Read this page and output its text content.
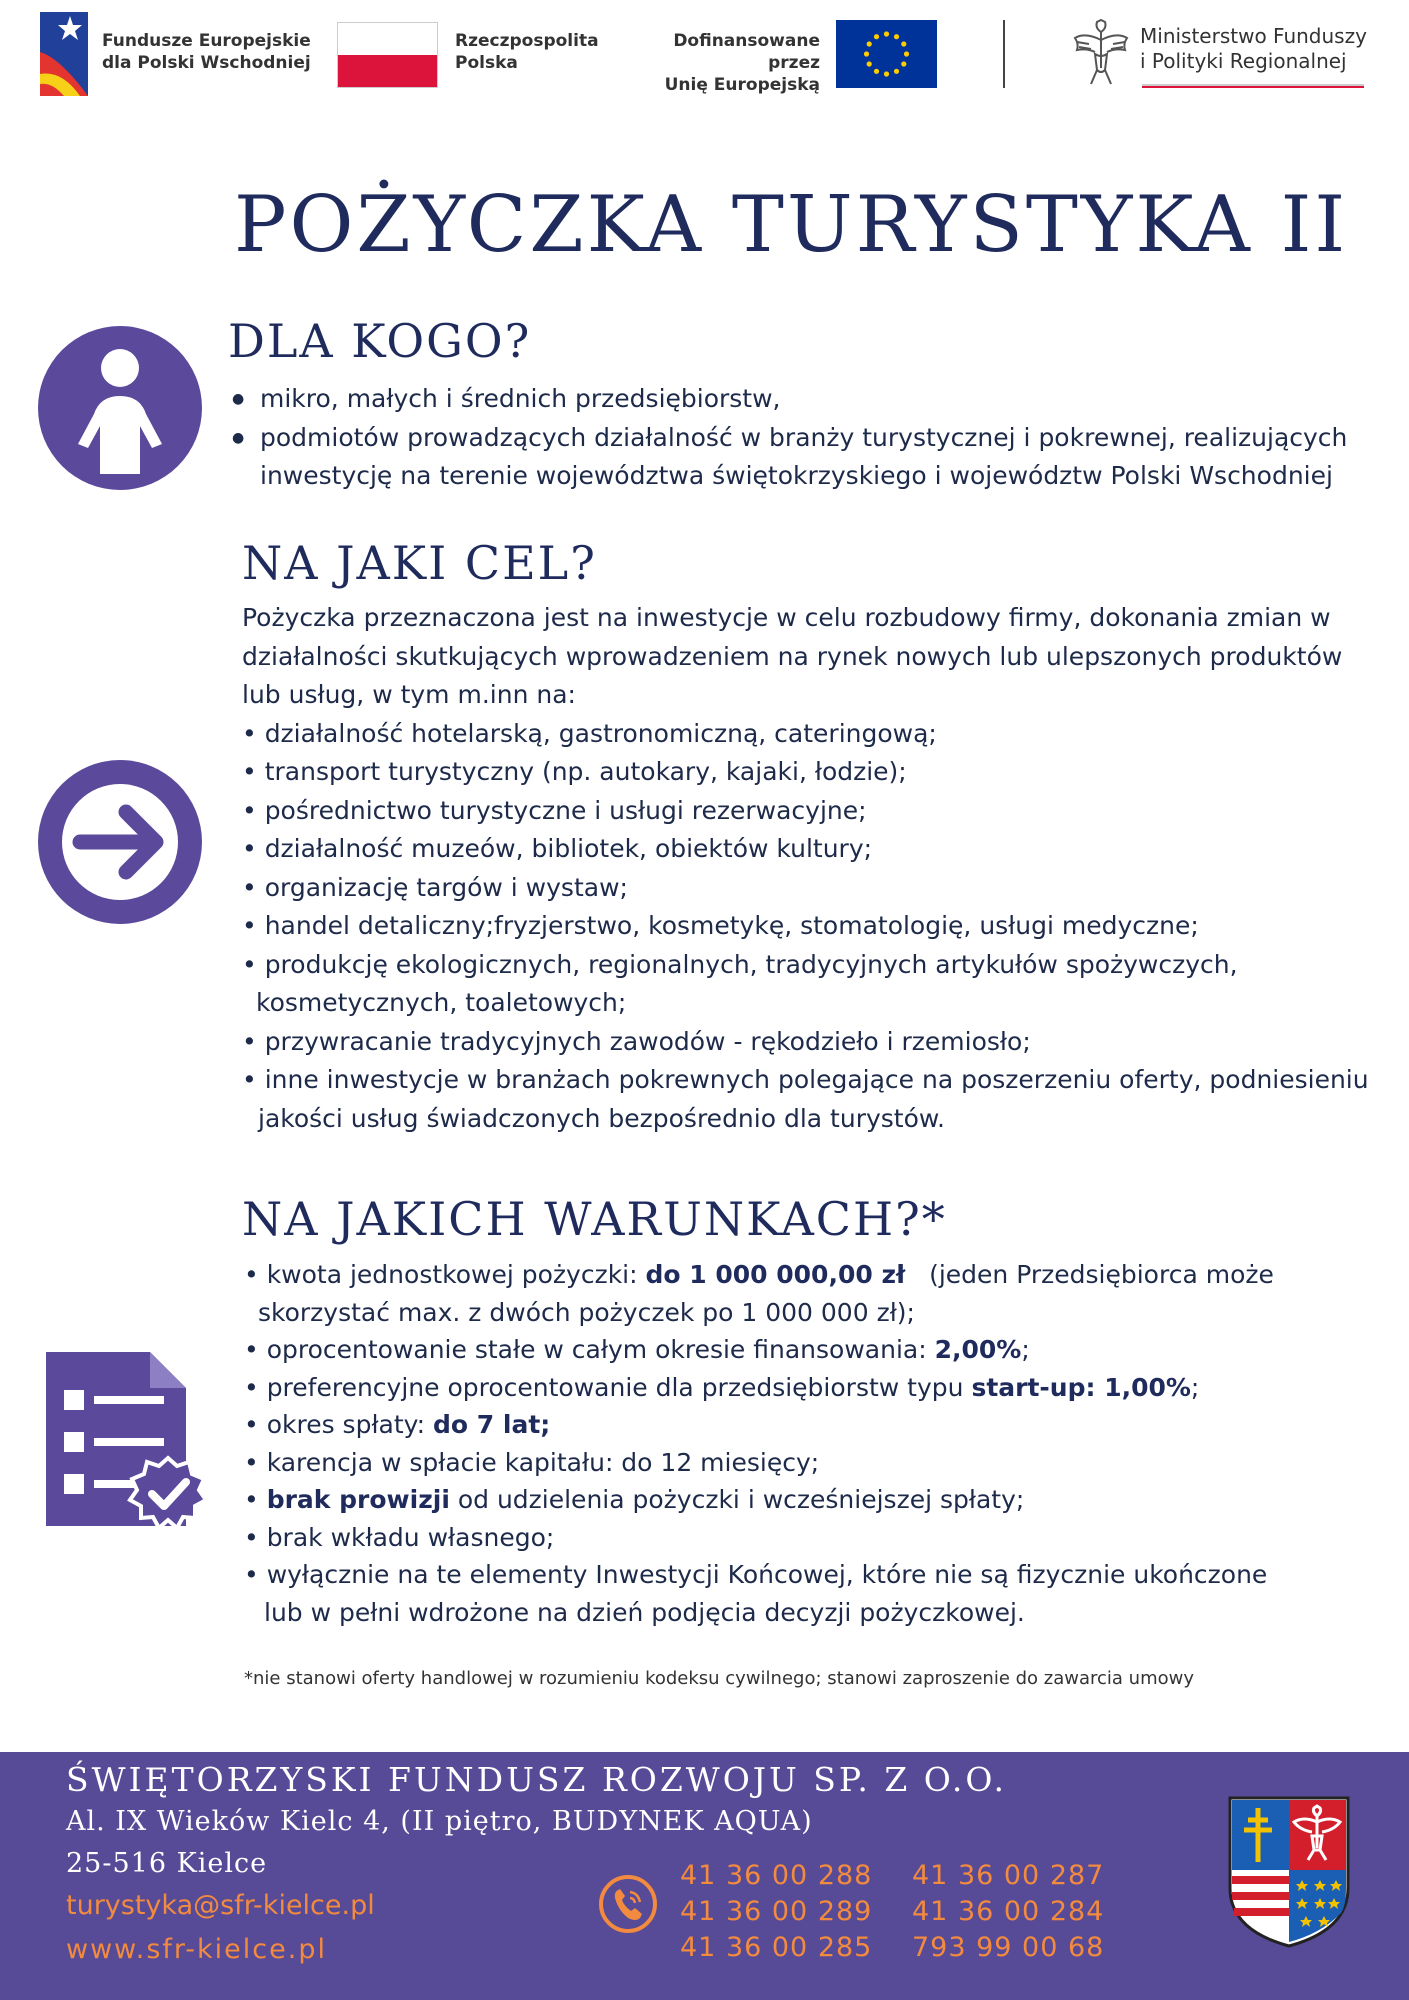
Fundusze Europejskie
dla Polski Wschodniej
Rzeczpospolita
Polska
Dofinansowane przez
Unię Europejską
Ministerstwo Funduszy
i Polityki Regionalnej
POŻYCZKA TURYSTYKA II
DLA KOGO?
● mikro, małych i średnich przedsiębiorstw,
● podmiotów prowadzących działalność w branży turystycznej i pokrewnej, realizujących
inwestycję na terenie województwa świętokrzyskiego i województw Polski Wschodniej
NA JAKI CEL?
Pożyczka przeznaczona jest na inwestycje w celu rozbudowy firmy, dokonania zmian w
działalności skutkujących wprowadzeniem na rynek nowych lub ulepszonych produktów
lub usług, w tym m.inn na:
• działalność hotelarską, gastronomiczną, cateringową;
• transport turystyczny (np. autokary, kajaki, łodzie);
• pośrednictwo turystyczne i usługi rezerwacyjne;
• działalność muzeów, bibliotek, obiektów kultury;
• organizację targów i wystaw;
• handel detaliczny;fryzjerstwo, kosmetykę, stomatologię, usługi medyczne;
• produkcję ekologicznych, regionalnych, tradycyjnych artykułów spożywczych,
kosmetycznych, toaletowych;
• przywracanie tradycyjnych zawodów - rękodzieło i rzemiosło;
• inne inwestycje w branżach pokrewnych polegające na poszerzeniu oferty, podniesieniu
jakości usług świadczonych bezpośrednio dla turystów.
NA JAKICH WARUNKACH?*
• kwota jednostkowej pożyczki: do 1 000 000,00 zł   (jeden Przedsiębiorca może
skorzystać max. z dwóch pożyczek po 1 000 000 zł);
• oprocentowanie stałe w całym okresie finansowania: 2,00%;
• preferencyjne oprocentowanie dla przedsiębiorstw typu start-up: 1,00%;
• okres spłaty: do 7 lat;
• karencja w spłacie kapitału: do 12 miesięcy;
• brak prowizji od udzielenia pożyczki i wcześniejszej spłaty;
• brak wkładu własnego;
• wyłącznie na te elementy Inwestycji Końcowej, które nie są fizycznie ukończone
lub w pełni wdrożone na dzień podjęcia decyzji pożyczkowej.
*nie stanowi oferty handlowej w rozumieniu kodeksu cywilnego; stanowi zaproszenie do zawarcia umowy
ŚWIĘTORZYSKI FUNDUSZ ROZWOJU SP. Z O.O.
Al. IX Wieków Kielc 4, (II piętro, BUDYNEK AQUA)
25-516 Kielce
turystyka@sfr-kielce.pl
www.sfr-kielce.pl
41 36 00 288
41 36 00 289
41 36 00 285
41 36 00 287
41 36 00 284
793 99 00 68
